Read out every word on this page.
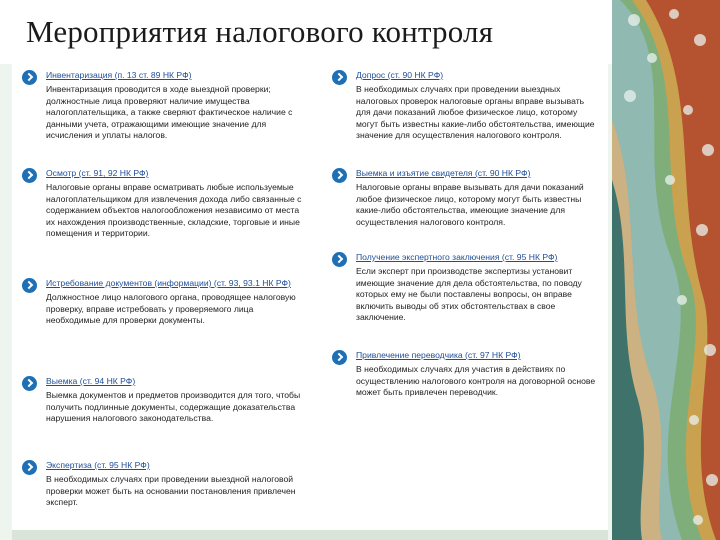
Мероприятия налогового контроля
Инвентаризация (п. 13 ст. 89 НК РФ)
Инвентаризация проводится в ходе выездной проверки; должностные лица проверяют наличие имущества налогоплательщика, а также сверяют фактическое наличие с данными учета, отражающими имеющие значение для исчисления и уплаты налогов.
Осмотр (ст. 91, 92 НК РФ)
Налоговые органы вправе осматривать любые используемые налогоплательщиком для извлечения дохода либо связанные с содержанием объектов налогообложения независимо от места их нахождения производственные, складские, торговые и иные помещения и территории.
Истребование документов (информации) (ст. 93, 93.1 НК РФ)
Должностное лицо налогового органа, проводящее налоговую проверку, вправе истребовать у проверяемого лица необходимые для проверки документы.
Выемка (ст. 94 НК РФ)
Выемка документов и предметов производится для того, чтобы получить подлинные документы, содержащие доказательства нарушения налогового законодательства.
Экспертиза (ст. 95 НК РФ)
В необходимых случаях при проведении выездной налоговой проверки может быть на основании постановления привлечен эксперт.
Допрос (ст. 90 НК РФ)
В необходимых случаях при проведении выездных налоговых проверок налоговые органы вправе вызывать для дачи показаний любое физическое лицо, которому могут быть известны какие-либо обстоятельства, имеющие значение для осуществления налогового контроля.
Выемка и изъятие свидетеля (ст. 90 НК РФ)
Налоговые органы вправе вызывать для дачи показаний любое физическое лицо, которому могут быть известны какие-либо обстоятельства, имеющие значение для осуществления налогового контроля.
Получение экспертного заключения (ст. 95 НК РФ)
Если эксперт при производстве экспертизы установит имеющие значение для дела обстоятельства, по поводу которых ему не были поставлены вопросы, он вправе включить выводы об этих обстоятельствах в свое заключение.
Привлечение переводчика (ст. 97 НК РФ)
В необходимых случаях для участия в действиях по осуществлению налогового контроля на договорной основе может быть привлечен переводчик.
